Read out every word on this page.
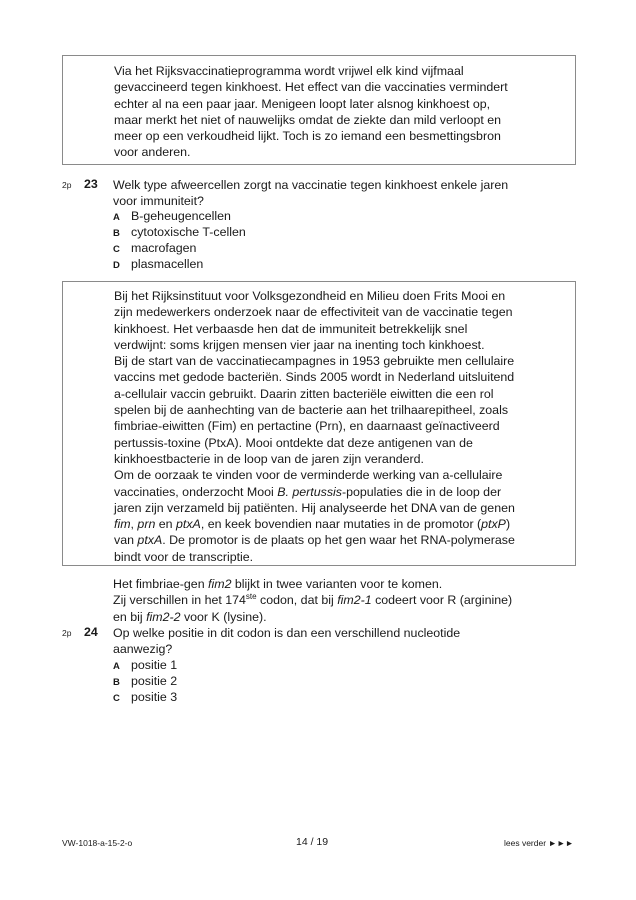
Via het Rijksvaccinatieprogramma wordt vrijwel elk kind vijfmaal
gevaccineerd tegen kinkhoest. Het effect van die vaccinaties vermindert
echter al na een paar jaar. Menigeen loopt later alsnog kinkhoest op,
maar merkt het niet of nauwelijks omdat de ziekte dan mild verloopt en
meer op een verkoudheid lijkt. Toch is zo iemand een besmettingsbron
voor anderen.
2p 23 Welk type afweercellen zorgt na vaccinatie tegen kinkhoest enkele jaren
voor immuniteit?
A B-geheugencellen
B cytotoxische T-cellen
C macrofagen
D plasmacellen
Bij het Rijksinstituut voor Volksgezondheid en Milieu doen Frits Mooi en
zijn medewerkers onderzoek naar de effectiviteit van de vaccinatie tegen
kinkhoest. Het verbaasde hen dat de immuniteit betrekkelijk snel
verdwijnt: soms krijgen mensen vier jaar na inenting toch kinkhoest.
Bij de start van de vaccinatiecampagnes in 1953 gebruikte men cellulaire
vaccins met gedode bacteriën. Sinds 2005 wordt in Nederland uitsluitend
a-cellulair vaccin gebruikt. Daarin zitten bacteriële eiwitten die een rol
spelen bij de aanhechting van de bacterie aan het trilhaarepitheel, zoals
fimbriae-eiwitten (Fim) en pertactine (Prn), en daarnaast geïnactiveerd
pertussis-toxine (PtxA). Mooi ontdekte dat deze antigenen van de
kinkhoestbacterie in de loop van de jaren zijn veranderd.
Om de oorzaak te vinden voor de verminderde werking van a-cellulaire
vaccinaties, onderzocht Mooi B. pertussis-populaties die in de loop der
jaren zijn verzameld bij patiënten. Hij analyseerde het DNA van de genen
fim, prn en ptxA, en keek bovendien naar mutaties in de promotor (ptxP)
van ptxA. De promotor is de plaats op het gen waar het RNA-polymerase
bindt voor de transcriptie.
Het fimbriae-gen fim2 blijkt in twee varianten voor te komen.
Zij verschillen in het 174ste codon, dat bij fim2-1 codeert voor R (arginine)
en bij fim2-2 voor K (lysine).
2p 24 Op welke positie in dit codon is dan een verschillend nucleotide
aanwezig?
A positie 1
B positie 2
C positie 3
VW-1018-a-15-2-o	14 / 19	lees verder ►►►
